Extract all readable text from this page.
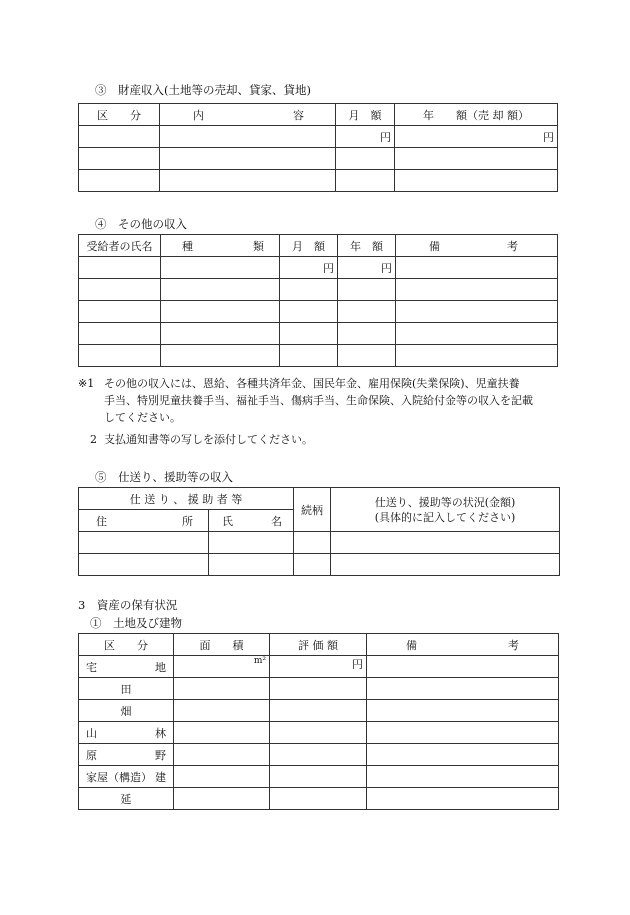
③　財産収入(土地等の売却、貸家、貸地)
区　　分	内 容	月　額	年　　額（売 却 額）
		円	円

④　その他の収入
受給者の氏名	種 類	月　額	年　額	備 考

		円	円	

※1 その他の収入には、恩給、各種共済年金、国民年金、雇用保険(失業保険)、児童扶養
手当、特別児童扶養手当、福祉手当、傷病手当、生命保険、入院給付金等の収入を記載
してください。
2 支払通知書等の写しを添付してください。
⑤　仕送り、援助等の収入
仕 送 り 、 援 助 者 等		続柄	仕送り、援助等の状況(金額)
(具体的に記入してください)

住 所	氏 名		

3　資産の保有状況
①　土地及び建物
区　　分	面　　積	評 価 額	備 考

宅 地	m²	円	
田			
畑			

山 林			

原 野			

家屋（構造） 建			

延			
